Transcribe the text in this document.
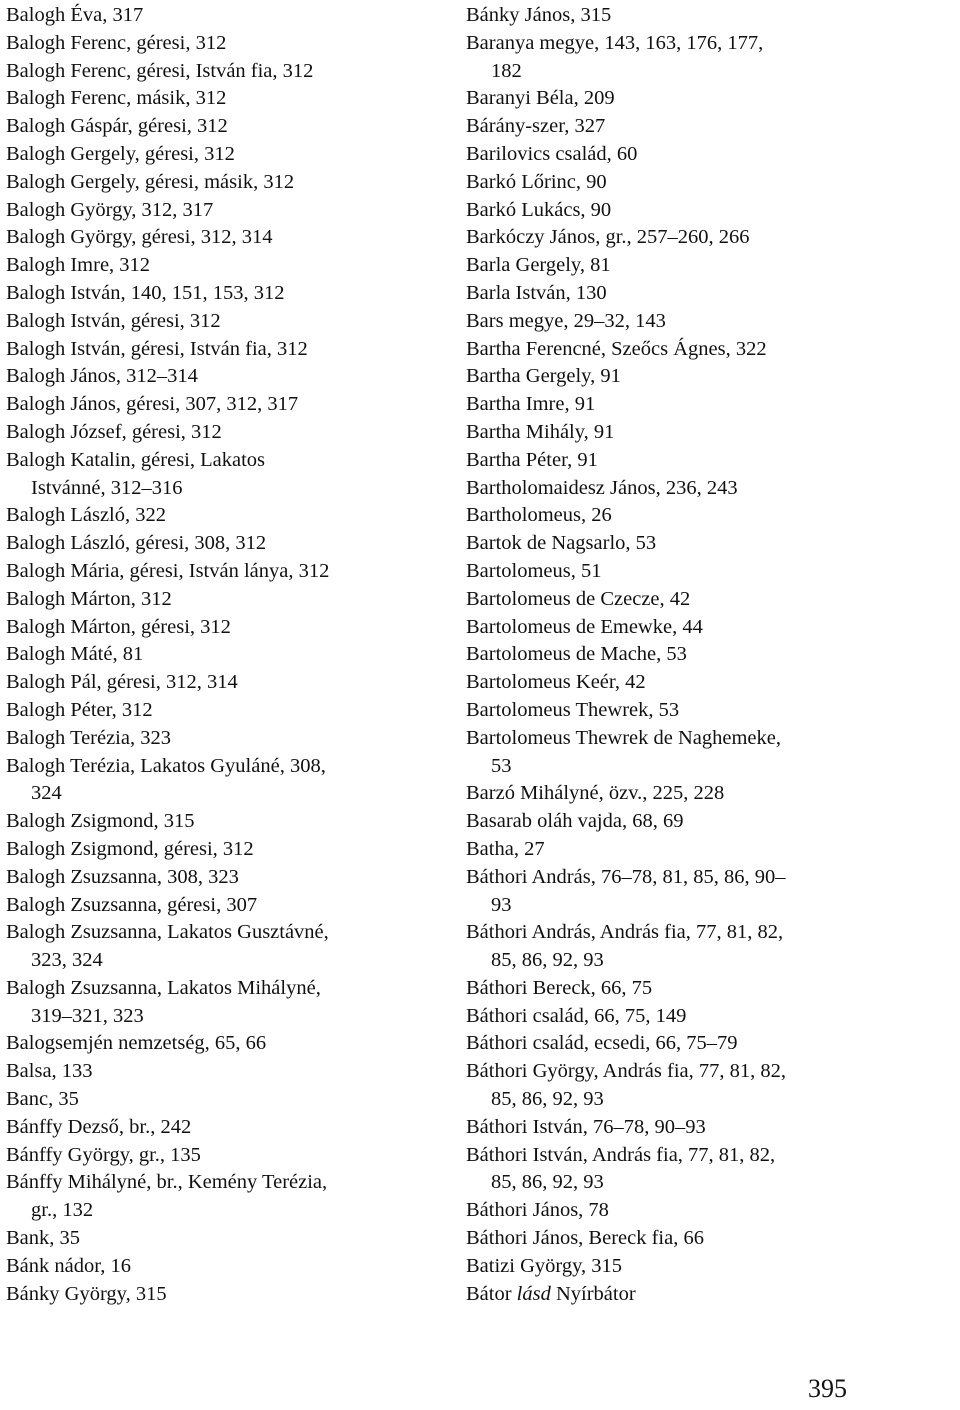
Balogh Éva, 317
Balogh Ferenc, géresi, 312
Balogh Ferenc, géresi, István fia, 312
Balogh Ferenc, másik, 312
Balogh Gáspár, géresi, 312
Balogh Gergely, géresi, 312
Balogh Gergely, géresi, másik, 312
Balogh György, 312, 317
Balogh György, géresi, 312, 314
Balogh Imre, 312
Balogh István, 140, 151, 153, 312
Balogh István, géresi, 312
Balogh István, géresi, István fia, 312
Balogh János, 312–314
Balogh János, géresi, 307, 312, 317
Balogh József, géresi, 312
Balogh Katalin, géresi, Lakatos
Istvánné, 312–316
Balogh László, 322
Balogh László, géresi, 308, 312
Balogh Mária, géresi, István lánya, 312
Balogh Márton, 312
Balogh Márton, géresi, 312
Balogh Máté, 81
Balogh Pál, géresi, 312, 314
Balogh Péter, 312
Balogh Terézia, 323
Balogh Terézia, Lakatos Gyuláné, 308,
324
Balogh Zsigmond, 315
Balogh Zsigmond, géresi, 312
Balogh Zsuzsanna, 308, 323
Balogh Zsuzsanna, géresi, 307
Balogh Zsuzsanna, Lakatos Gusztávné,
323, 324
Balogh Zsuzsanna, Lakatos Mihályné,
319–321, 323
Balogsemjén nemzetség, 65, 66
Balsa, 133
Banc, 35
Bánffy Dezső, br., 242
Bánffy György, gr., 135
Bánffy Mihályné, br., Kemény Terézia,
gr., 132
Bank, 35
Bánk nádor, 16
Bánky György, 315
Bánky János, 315
Baranya megye, 143, 163, 176, 177,
182
Baranyi Béla, 209
Bárány-szer, 327
Barilovics család, 60
Barkó Lőrinc, 90
Barkó Lukács, 90
Barkóczy János, gr., 257–260, 266
Barla Gergely, 81
Barla István, 130
Bars megye, 29–32, 143
Bartha Ferencné, Szeőcs Ágnes, 322
Bartha Gergely, 91
Bartha Imre, 91
Bartha Mihály, 91
Bartha Péter, 91
Bartholomaidesz János, 236, 243
Bartholomeus, 26
Bartok de Nagsarlo, 53
Bartolomeus, 51
Bartolomeus de Czecze, 42
Bartolomeus de Emewke, 44
Bartolomeus de Mache, 53
Bartolomeus Keér, 42
Bartolomeus Thewrek, 53
Bartolomeus Thewrek de Naghemeke,
53
Barzó Mihályné, özv., 225, 228
Basarab oláh vajda, 68, 69
Batha, 27
Báthori András, 76–78, 81, 85, 86, 90–
93
Báthori András, András fia, 77, 81, 82,
85, 86, 92, 93
Báthori Bereck, 66, 75
Báthori család, 66, 75, 149
Báthori család, ecsedi, 66, 75–79
Báthori György, András fia, 77, 81, 82,
85, 86, 92, 93
Báthori István, 76–78, 90–93
Báthori István, András fia, 77, 81, 82,
85, 86, 92, 93
Báthori János, 78
Báthori János, Bereck fia, 66
Batizi György, 315
Bátor lásd Nyírbátor
395
